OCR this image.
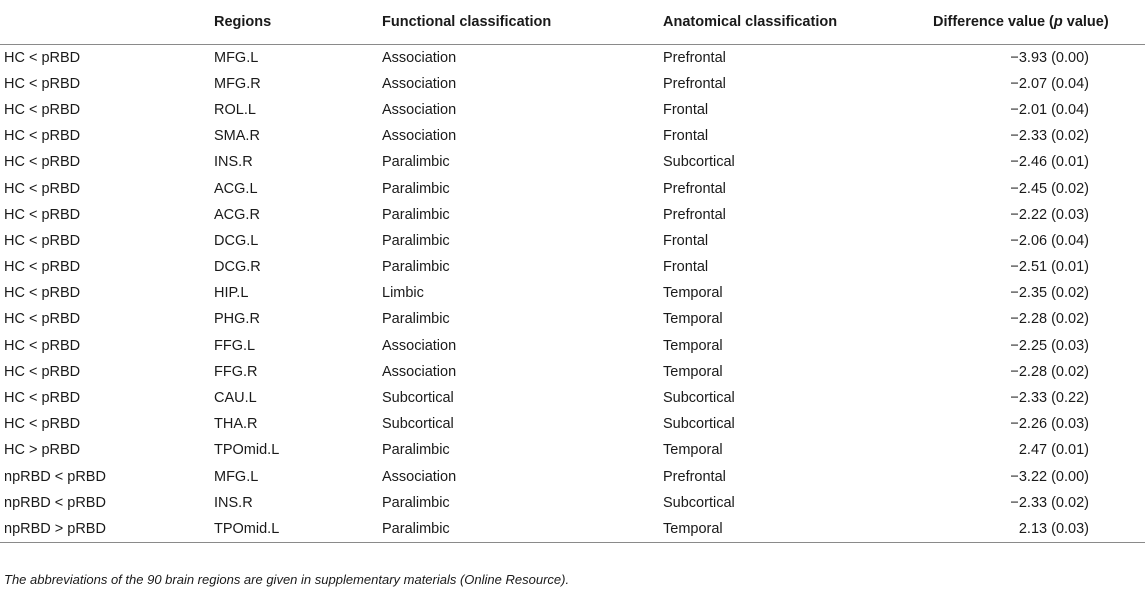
	Regions	Functional classification	Anatomical classification	Difference value (p value)
HC < pRBD	MFG.L	Association	Prefrontal	−3.93 (0.00)
HC < pRBD	MFG.R	Association	Prefrontal	−2.07 (0.04)
HC < pRBD	ROL.L	Association	Frontal	−2.01 (0.04)
HC < pRBD	SMA.R	Association	Frontal	−2.33 (0.02)
HC < pRBD	INS.R	Paralimbic	Subcortical	−2.46 (0.01)
HC < pRBD	ACG.L	Paralimbic	Prefrontal	−2.45 (0.02)
HC < pRBD	ACG.R	Paralimbic	Prefrontal	−2.22 (0.03)
HC < pRBD	DCG.L	Paralimbic	Frontal	−2.06 (0.04)
HC < pRBD	DCG.R	Paralimbic	Frontal	−2.51 (0.01)
HC < pRBD	HIP.L	Limbic	Temporal	−2.35 (0.02)
HC < pRBD	PHG.R	Paralimbic	Temporal	−2.28 (0.02)
HC < pRBD	FFG.L	Association	Temporal	−2.25 (0.03)
HC < pRBD	FFG.R	Association	Temporal	−2.28 (0.02)
HC < pRBD	CAU.L	Subcortical	Subcortical	−2.33 (0.22)
HC < pRBD	THA.R	Subcortical	Subcortical	−2.26 (0.03)
HC > pRBD	TPOmid.L	Paralimbic	Temporal	2.47 (0.01)
npRBD < pRBD	MFG.L	Association	Prefrontal	−3.22 (0.00)
npRBD < pRBD	INS.R	Paralimbic	Subcortical	−2.33 (0.02)
npRBD > pRBD	TPOmid.L	Paralimbic	Temporal	2.13 (0.03)
The abbreviations of the 90 brain regions are given in supplementary materials (Online Resource).
